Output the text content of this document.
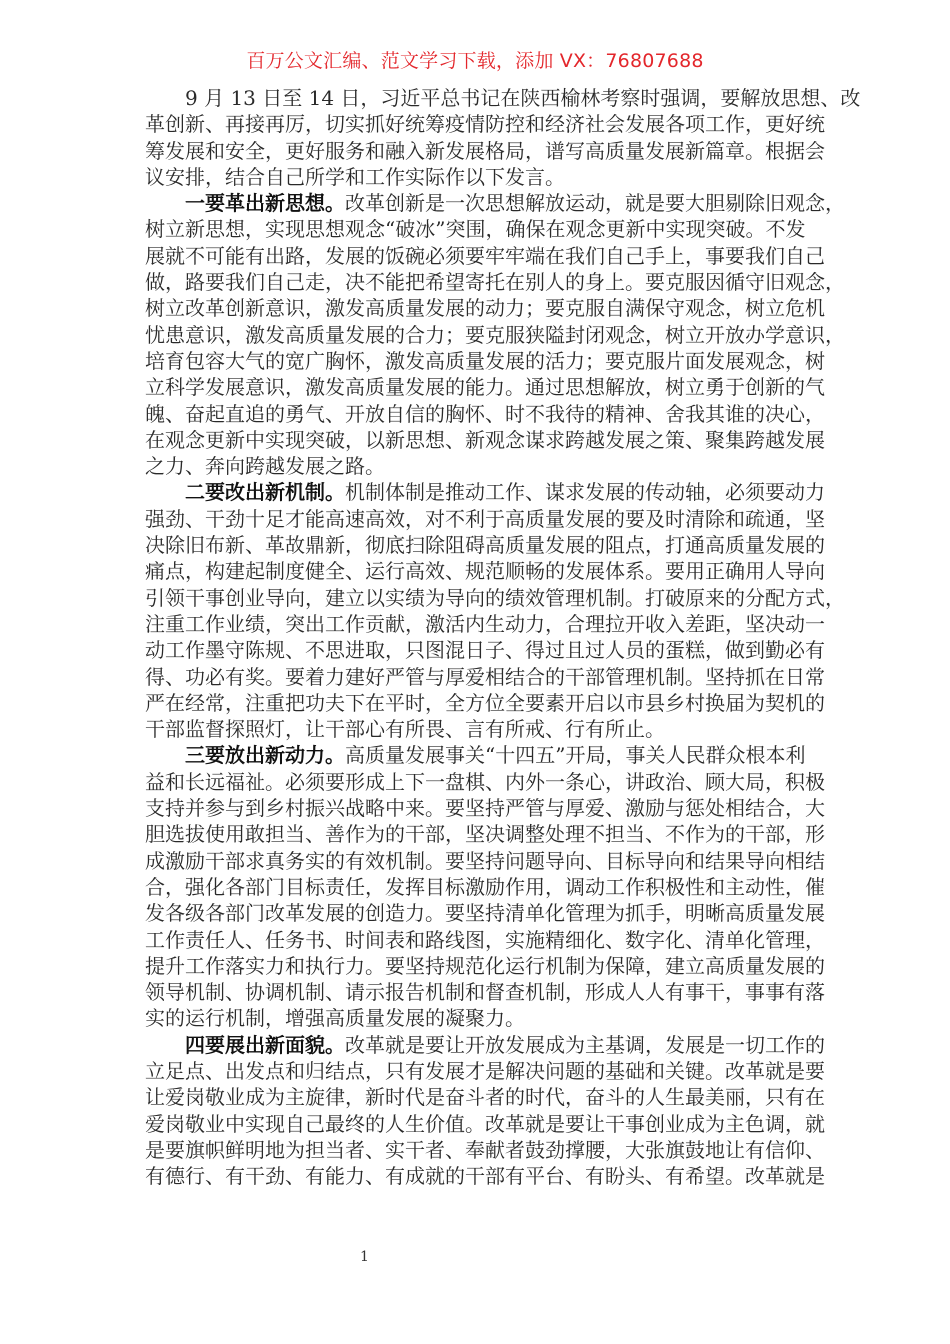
百万公文汇编、范文学习下载，添加 VX：76807688
9 月 13 日至 14 日，习近平总书记在陕西榆林考察时强调，要解放思想、改
革创新、再接再厉，切实抓好统筹疫情防控和经济社会发展各项工作，更好统
筹发展和安全，更好服务和融入新发展格局，谱写高质量发展新篇章。根据会
议安排，结合自己所学和工作实际作以下发言。
一要革出新思想。改革创新是一次思想解放运动，就是要大胆剔除旧观念，
树立新思想，实现思想观念“破冰”突围，确保在观念更新中实现突破。不发
展就不可能有出路，发展的饭碗必须要牢牢端在我们自己手上，事要我们自己
做，路要我们自己走，决不能把希望寄托在别人的身上。要克服因循守旧观念，
树立改革创新意识，激发高质量发展的动力；要克服自满保守观念，树立危机
忧患意识，激发高质量发展的合力；要克服狭隘封闭观念，树立开放办学意识，
培育包容大气的宽广胸怀，激发高质量发展的活力；要克服片面发展观念，树
立科学发展意识，激发高质量发展的能力。通过思想解放，树立勇于创新的气
魄、奋起直追的勇气、开放自信的胸怀、时不我待的精神、舍我其谁的决心，
在观念更新中实现突破，以新思想、新观念谋求跨越发展之策、聚集跨越发展
之力、奔向跨越发展之路。
二要改出新机制。机制体制是推动工作、谋求发展的传动轴，必须要动力
强劲、干劲十足才能高速高效，对不利于高质量发展的要及时清除和疏通，坚
决除旧布新、革故鼎新，彻底扫除阻碍高质量发展的阻点，打通高质量发展的
痛点，构建起制度健全、运行高效、规范顺畅的发展体系。要用正确用人导向
引领干事创业导向，建立以实绩为导向的绩效管理机制。打破原来的分配方式，
注重工作业绩，突出工作贡献，激活内生动力，合理拉开收入差距，坚决动一
动工作墨守陈规、不思进取，只图混日子、得过且过人员的蛋糕，做到勤必有
得、功必有奖。要着力建好严管与厚爱相结合的干部管理机制。坚持抓在日常
严在经常，注重把功夫下在平时，全方位全要素开启以市县乡村换届为契机的
干部监督探照灯，让干部心有所畏、言有所戒、行有所止。
三要放出新动力。高质量发展事关“十四五”开局，事关人民群众根本利
益和长远福祉。必须要形成上下一盘棋、内外一条心，讲政治、顾大局，积极
支持并参与到乡村振兴战略中来。要坚持严管与厚爱、激励与惩处相结合，大
胆选拔使用敢担当、善作为的干部，坚决调整处理不担当、不作为的干部，形
成激励干部求真务实的有效机制。要坚持问题导向、目标导向和结果导向相结
合，强化各部门目标责任，发挥目标激励作用，调动工作积极性和主动性，催
发各级各部门改革发展的创造力。要坚持清单化管理为抓手，明晰高质量发展
工作责任人、任务书、时间表和路线图，实施精细化、数字化、清单化管理，
提升工作落实力和执行力。要坚持规范化运行机制为保障，建立高质量发展的
领导机制、协调机制、请示报告机制和督查机制，形成人人有事干，事事有落
实的运行机制，增强高质量发展的凝聚力。
四要展出新面貌。改革就是要让开放发展成为主基调，发展是一切工作的
立足点、出发点和归结点，只有发展才是解决问题的基础和关键。改革就是要
让爱岗敬业成为主旋律，新时代是奋斗者的时代，奋斗的人生最美丽，只有在
爱岗敬业中实现自己最终的人生价值。改革就是要让干事创业成为主色调，就
是要旗帜鲜明地为担当者、实干者、奉献者鼓劲撑腰，大张旗鼓地让有信仰、
有德行、有干劲、有能力、有成就的干部有平台、有盼头、有希望。改革就是
1
